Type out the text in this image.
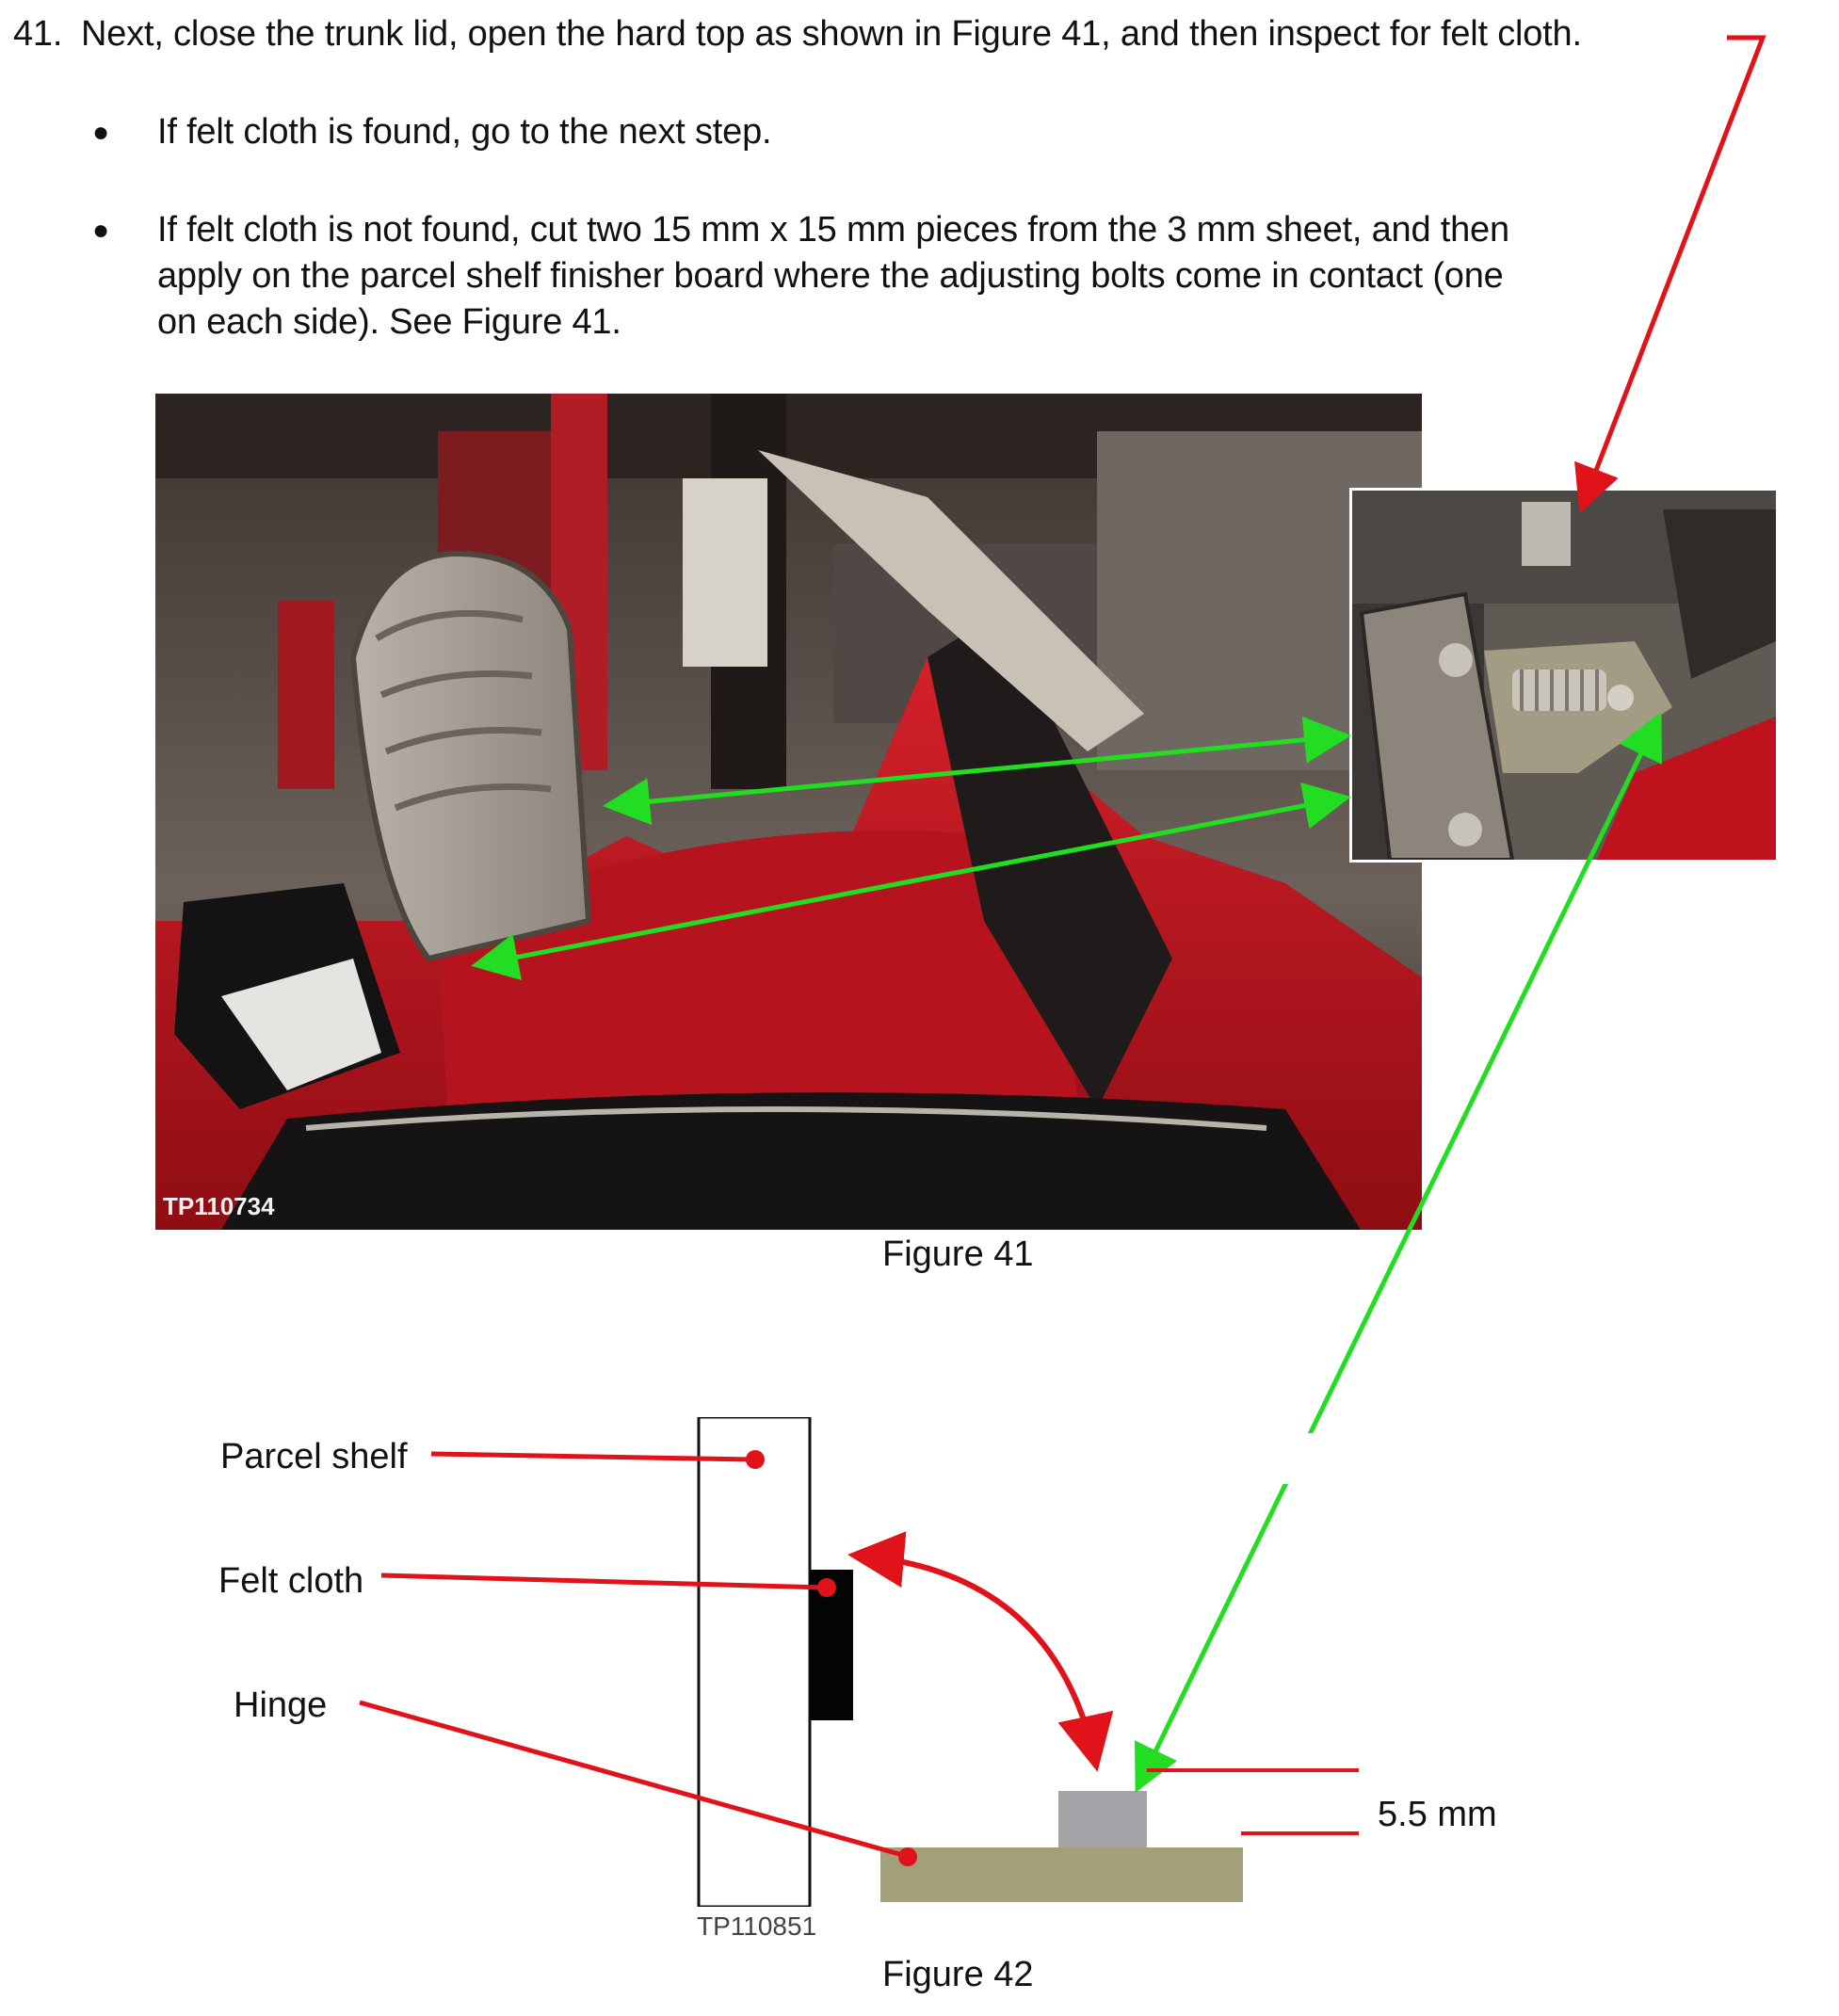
41. Next, close the trunk lid, open the hard top as shown in Figure 41, and then inspect for felt cloth.
● If felt cloth is found, go to the next step.
● If felt cloth is not found, cut two 15 mm x 15 mm pieces from the 3 mm sheet, and then apply on the parcel shelf finisher board where the adjusting bolts come in contact (one on each side). See Figure 41.
TP110734
Figure 41
TP110851
Figure 42
Parcel shelf
Felt cloth
Hinge
5.5 mm
